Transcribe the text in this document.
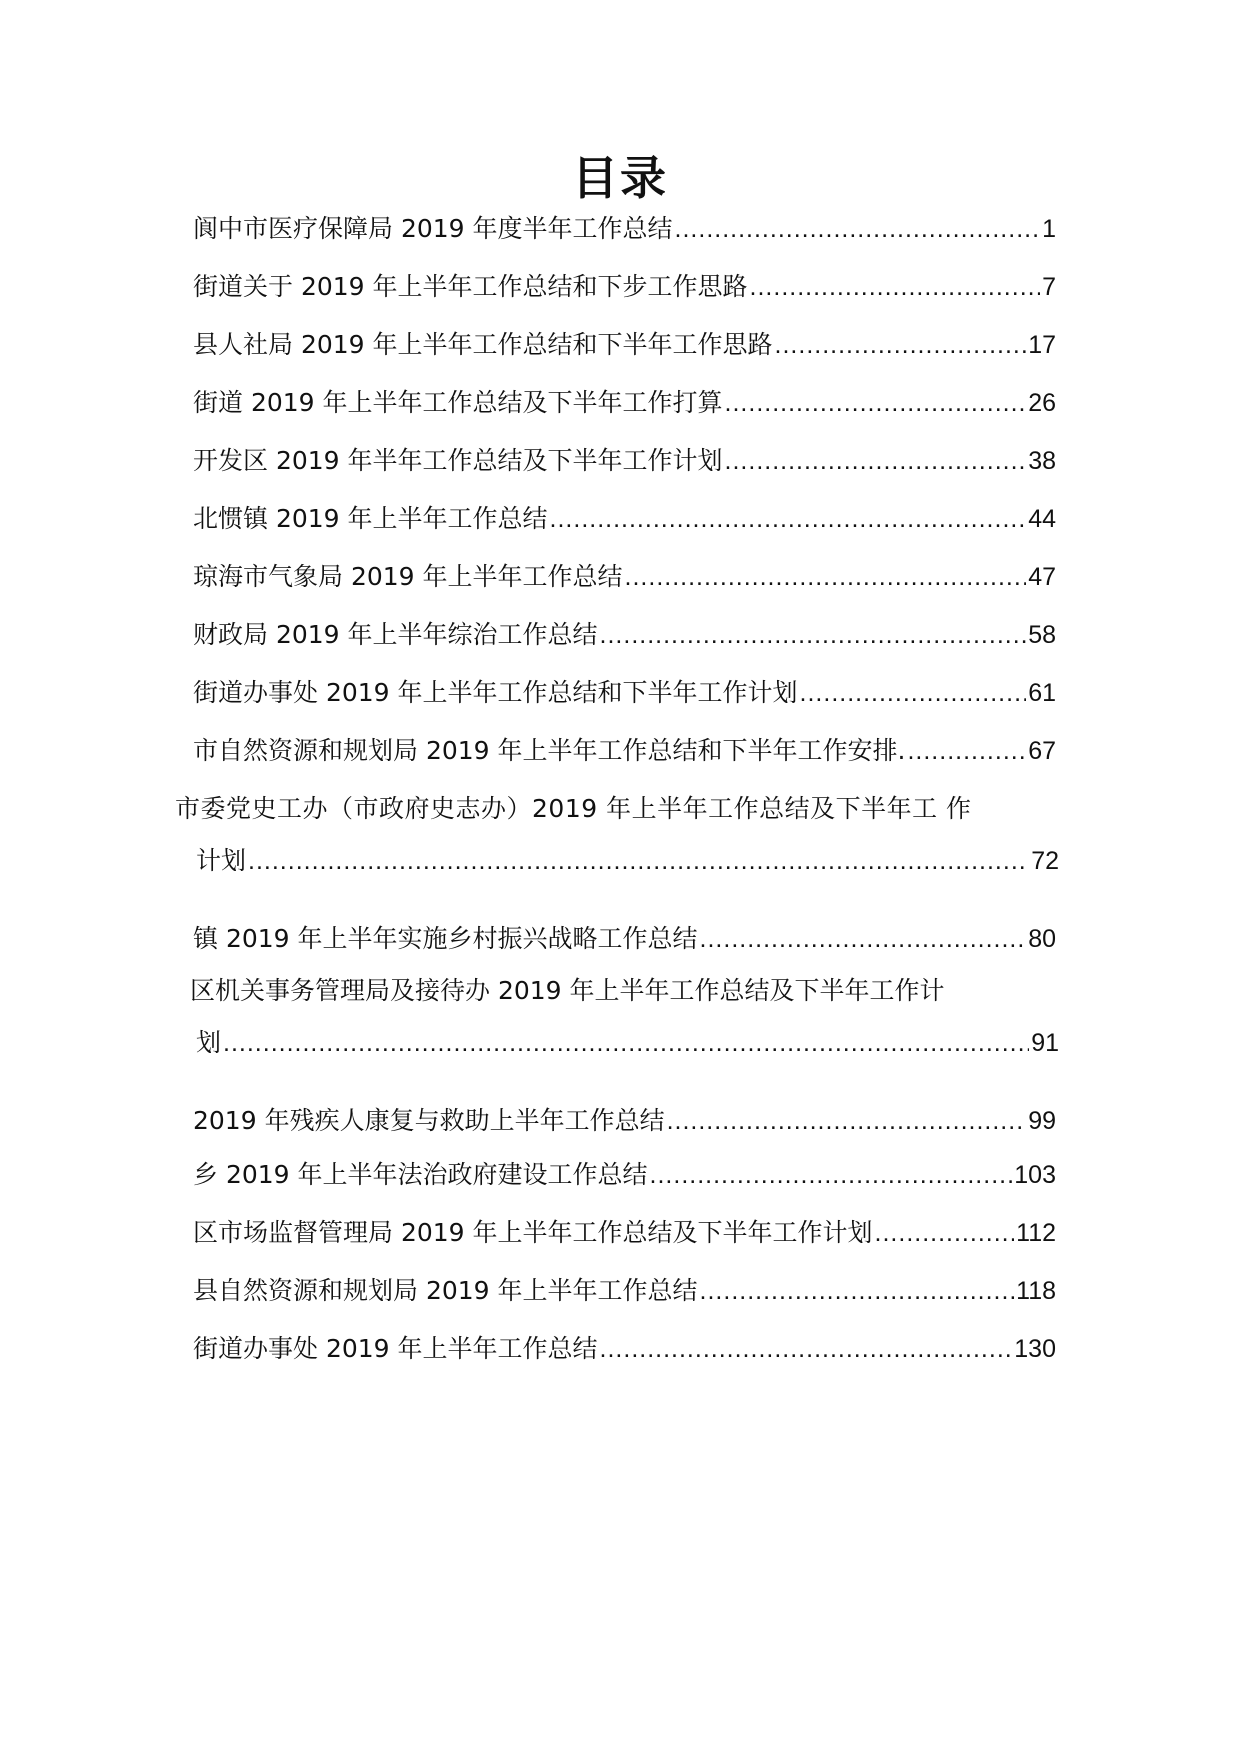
目录
阆中市医疗保障局 2019 年度半年工作总结 .....	1
街道关于 2019 年上半年工作总结和下步工作思路 .....	7
县人社局 2019 年上半年工作总结和下半年工作思路 .....	17
街道 2019 年上半年工作总结及下半年工作打算 .....	26
开发区 2019 年半年工作总结及下半年工作计划 .....	38
北惯镇 2019 年上半年工作总结 .....	44
琼海市气象局 2019 年上半年工作总结 .....	47
财政局 2019 年上半年综治工作总结 .....	58
街道办事处 2019 年上半年工作总结和下半年工作计划 .....	61
市自然资源和规划局 2019 年上半年工作总结和下半年工作安排. .....	67
市委党史工办（市政府史志办）2019 年上半年工作总结及下半年工 作
计划 .....	72
镇 2019 年上半年实施乡村振兴战略工作总结 .....	80
区机关事务管理局及接待办 2019 年上半年工作总结及下半年工作计
划 .....	91
2019 年残疾人康复与救助上半年工作总结 .....	99
乡 2019 年上半年法治政府建设工作总结 .....	103
区市场监督管理局 2019 年上半年工作总结及下半年工作计划 .....	112
县自然资源和规划局 2019 年上半年工作总结 .....	118
街道办事处 2019 年上半年工作总结 .....	130
